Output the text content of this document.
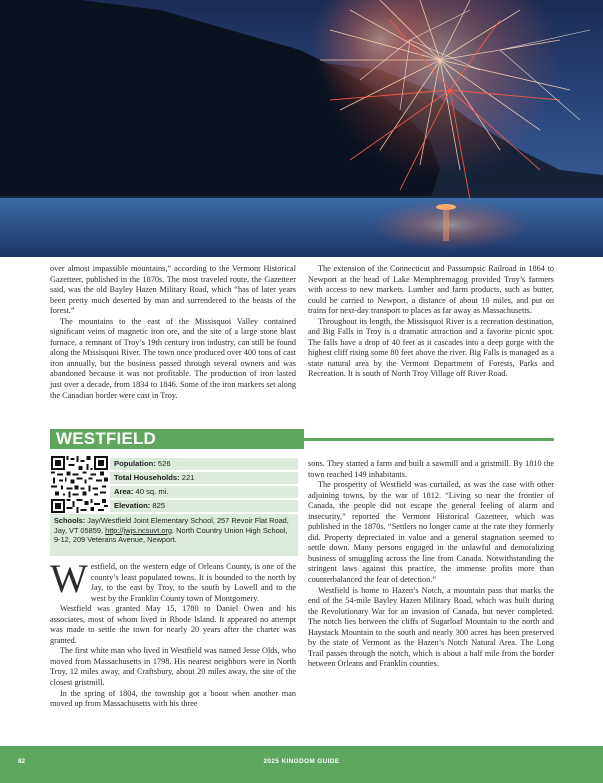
over almost impassible mountains,” according to the Vermont Historical Gazetteer, published in the 1870s. The most traveled route, the Gazetteer said, was the old Bayley Hazen Military Road, which “has of later years been pretty much deserted by man and surrendered to the beasts of the forest.”

The mountains to the east of the Missisquoi Valley contained significant veins of magnetic iron ore, and the site of a large stone blast furnace, a remnant of Troy’s 19th century iron industry, can still be found along the Missisquoi River. The town once produced over 400 tons of cast iron annually, but the business passed through several owners and was abandoned because it was not profitable. The production of iron lasted just over a decade, from 1834 to 1846. Some of the iron markers set along the Canadian border were cast in Troy.

The extension of the Connecticut and Passumpsic Railroad in 1864 to Newport at the head of Lake Memphremagog provided Troy’s farmers with access to new markets. Lumber and farm products, such as butter, could be carried to Newport, a distance of about 10 miles, and put on trains for next-day transport to places as far away as Massachusetts.

Throughout its length, the Missisquoi River is a recreation destination, and Big Falls in Troy is a dramatic attraction and a favorite picnic spot. The falls have a drop of 40 feet as it cascades into a deep gorge with the highest cliff rising some 80 feet above the river. Big Falls is managed as a state natural area by the Vermont Department of Forests, Parks and Recreation. It is south of North Troy Village off River Road.

WESTFIELD
Population: 526
Total Households: 221
Area: 40 sq. mi.
Elevation: 825
Schools: Jay/Westfield Joint Elementary School, 257 Revoir Flat Road, Jay, VT 05859, http://jwjs.ncsuvt.org. North Country Union High School, 9-12, 209 Veterans Avenue, Newport.

Westfield, on the western edge of Orleans County, is one of the county’s least populated towns. It is bounded to the north by Jay, to the east by Troy, to the south by Lowell and to the west by the Franklin County town of Montgomery.

Westfield was granted May 15, 1780 to Daniel Owen and his associates, most of whom lived in Rhode Island. It appeared no attempt was made to settle the town for nearly 20 years after the charter was granted.

The first white man who lived in Westfield was named Jesse Olds, who moved from Massachusetts in 1798. His nearest neighbors were in North Troy, 12 miles away, and Craftsbury, about 20 miles away, the site of the closest gristmill.

In the spring of 1804, the township got a boost when another man moved up from Massachusetts with his three

sons. They started a farm and built a sawmill and a gristmill. By 1810 the town reached 149 inhabitants.

The prosperity of Westfield was curtailed, as was the case with other adjoining towns, by the war of 1812. “Living so near the frontier of Canada, the people did not escape the general feeling of alarm and insecurity,” reported the Vermont Historical Gazetteer, which was published in the 1870s. “Settlers no longer came at the rate they formerly did. Property depreciated in value and a general stagnation seemed to settle down. Many persons engaged in the unlawful and demoralizing business of smuggling across the line from Canada. Notwithstanding the stringent laws against this practice, the immense profits more than counterbalanced the fear of detection.”

Westfield is home to Hazen’s Notch, a mountain pass that marks the end of the 54-mile Bayley Hazen Military Road, which was built during the Revolutionary War for an invasion of Canada, but never completed. The notch lies between the cliffs of Sugarloaf Mountain to the north and Haystack Mountain to the south and nearly 300 acres has been preserved by the state of Vermont as the Hazen’s Notch Natural Area. The Long Trail passes through the notch, which is about a half mile from the border between Orleans and Franklin counties.

82	2025 KINGDOM GUIDE
